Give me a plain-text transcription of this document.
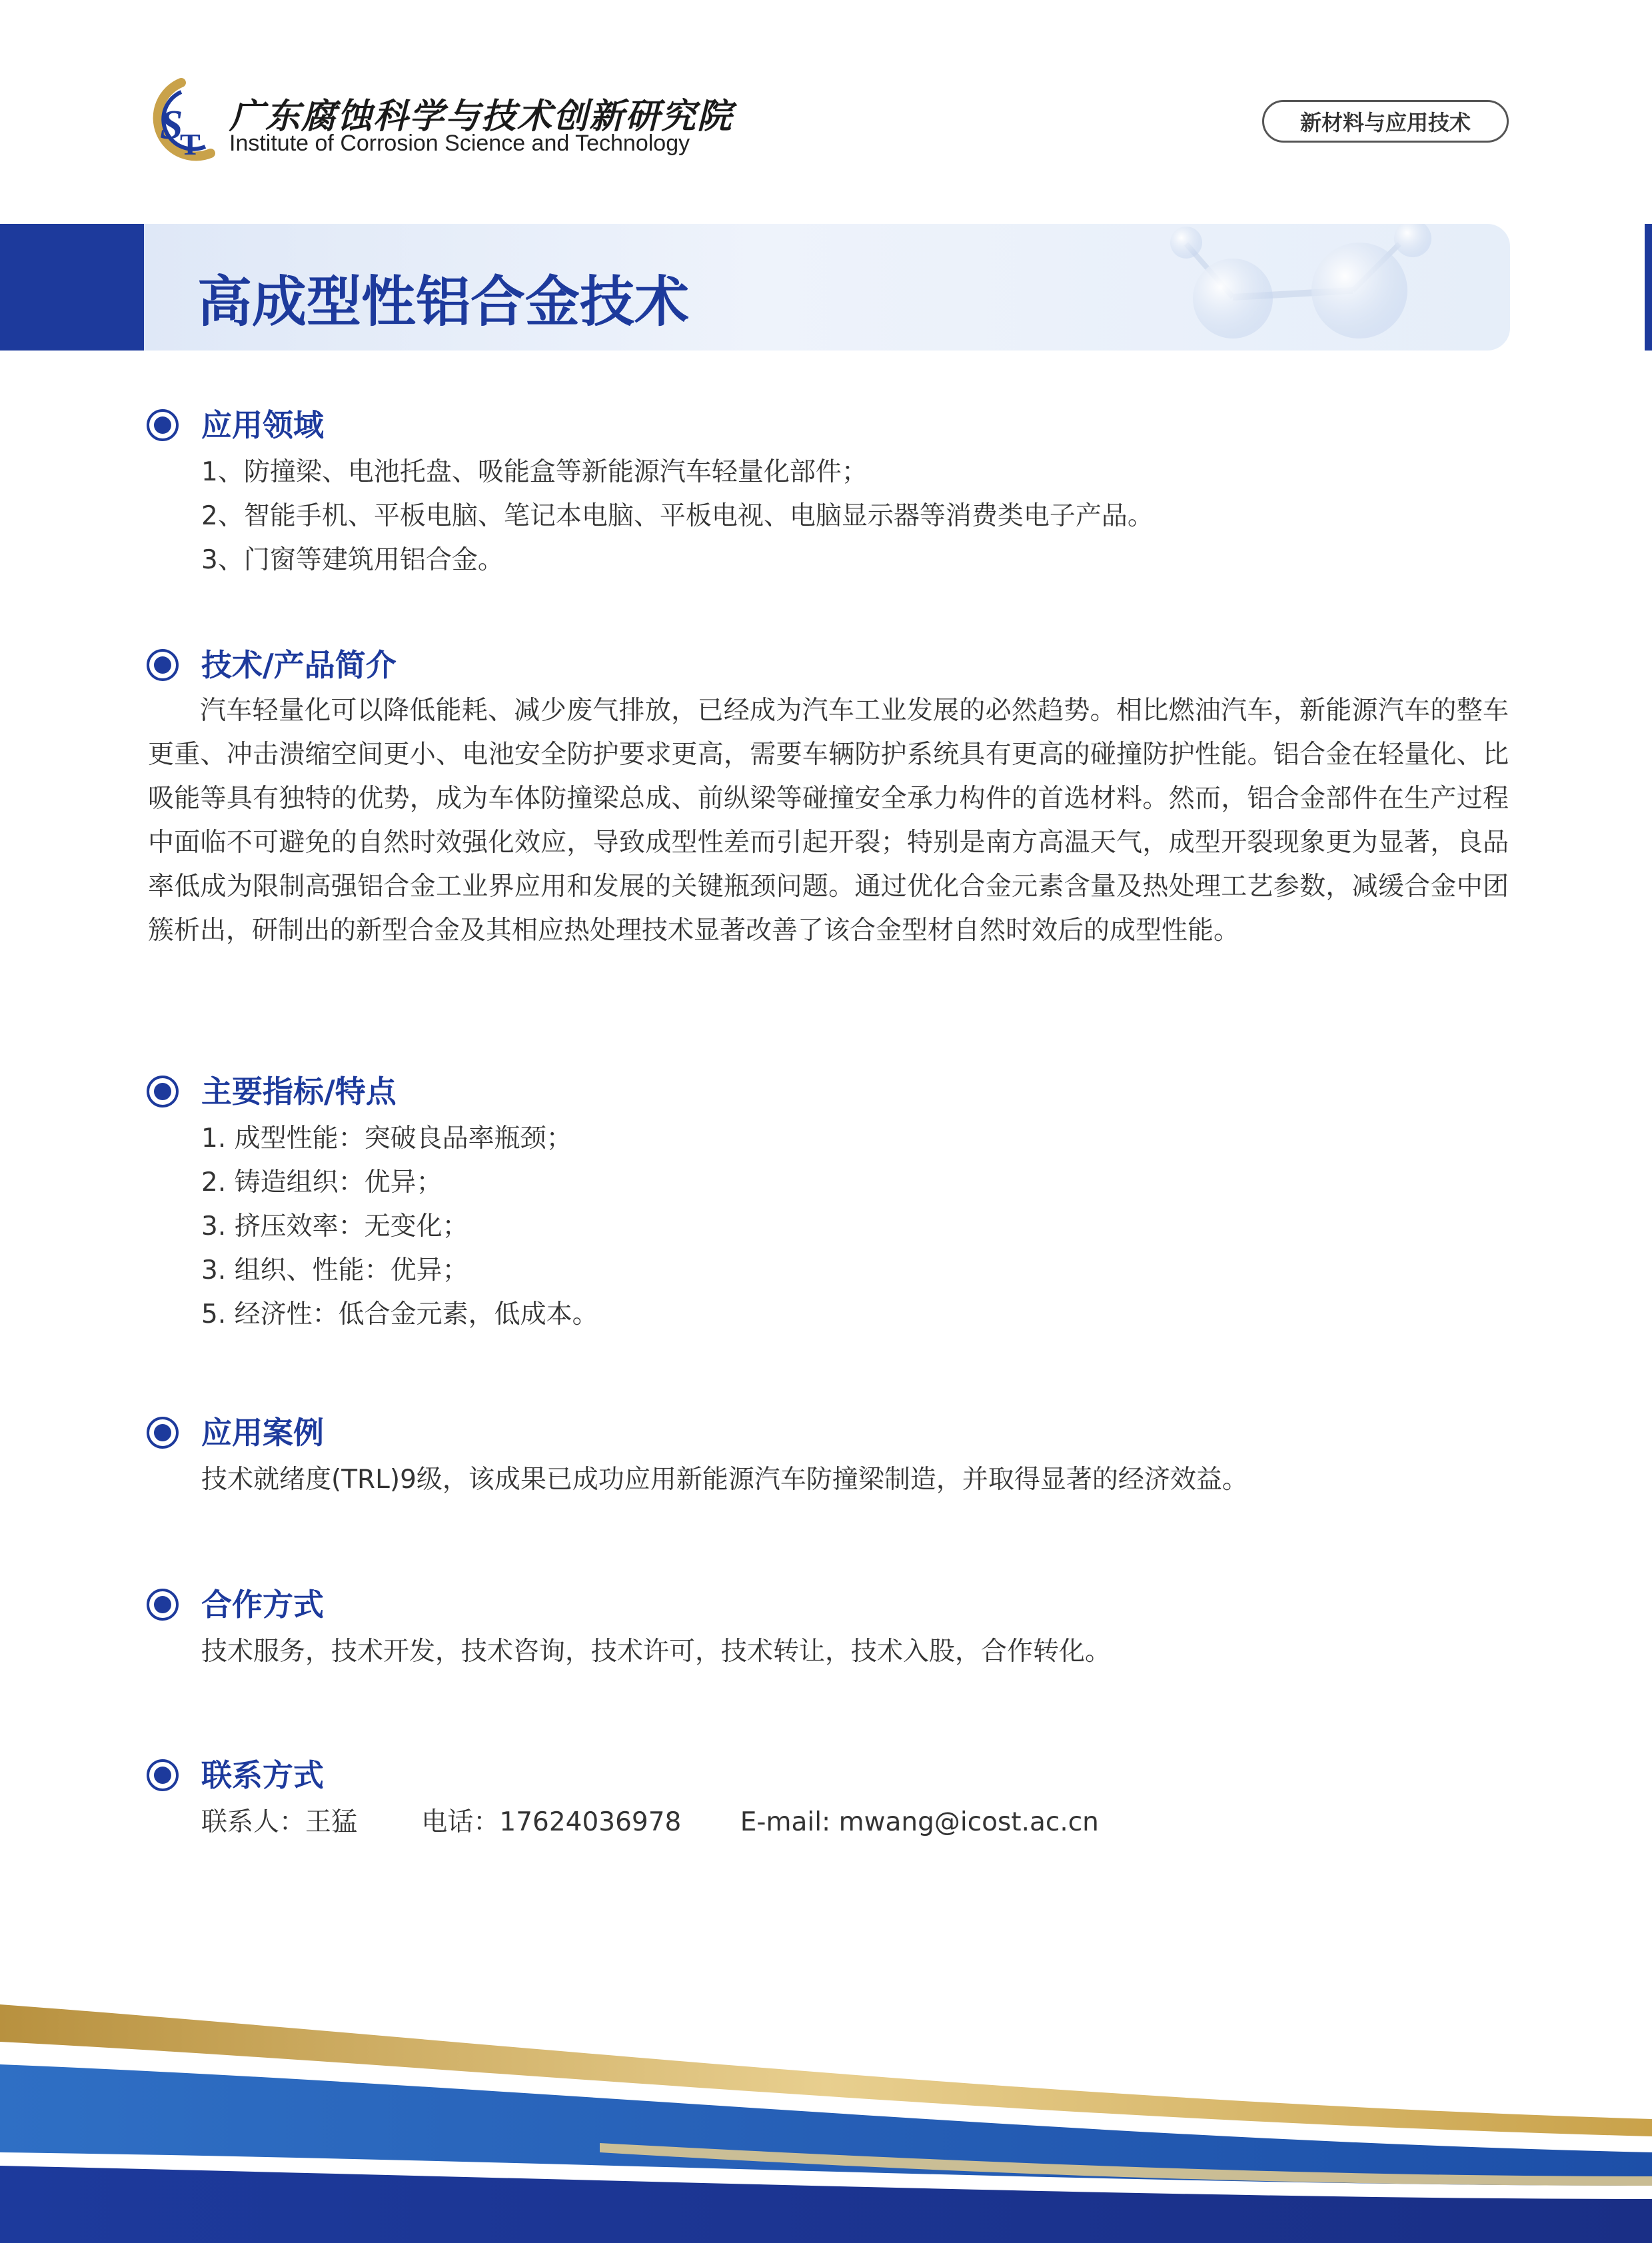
S
T
广东腐蚀科学与技术创新研究院
Institute of Corrosion Science and Technology
新材料与应用技术
高成型性铝合金技术
应用领域
1、防撞梁、电池托盘、吸能盒等新能源汽车轻量化部件；
2、智能手机、平板电脑、笔记本电脑、平板电视、电脑显示器等消费类电子产品。
3、门窗等建筑用铝合金。
技术/产品简介
汽车轻量化可以降低能耗、减少废气排放，已经成为汽车工业发展的必然趋势。相比燃油汽车，新能源汽车的整车更重、冲击溃缩空间更小、电池安全防护要求更高，需要车辆防护系统具有更高的碰撞防护性能。铝合金在轻量化、比吸能等具有独特的优势，成为车体防撞梁总成、前纵梁等碰撞安全承力构件的首选材料。然而，铝合金部件在生产过程中面临不可避免的自然时效强化效应，导致成型性差而引起开裂；特别是南方高温天气，成型开裂现象更为显著，良品率低成为限制高强铝合金工业界应用和发展的关键瓶颈问题。通过优化合金元素含量及热处理工艺参数，减缓合金中团簇析出，研制出的新型合金及其相应热处理技术显著改善了该合金型材自然时效后的成型性能。
主要指标/特点
1. 成型性能：突破良品率瓶颈；
2. 铸造组织：优异；
3. 挤压效率：无变化；
3. 组织、性能：优异；
5. 经济性：低合金元素，低成本。
应用案例
技术就绪度(TRL)9级，该成果已成功应用新能源汽车防撞梁制造，并取得显著的经济效益。
合作方式
技术服务，技术开发，技术咨询，技术许可，技术转让，技术入股，合作转化。
联系方式
联系人：王猛 电话：17624036978 E-mail: mwang@icost.ac.cn
